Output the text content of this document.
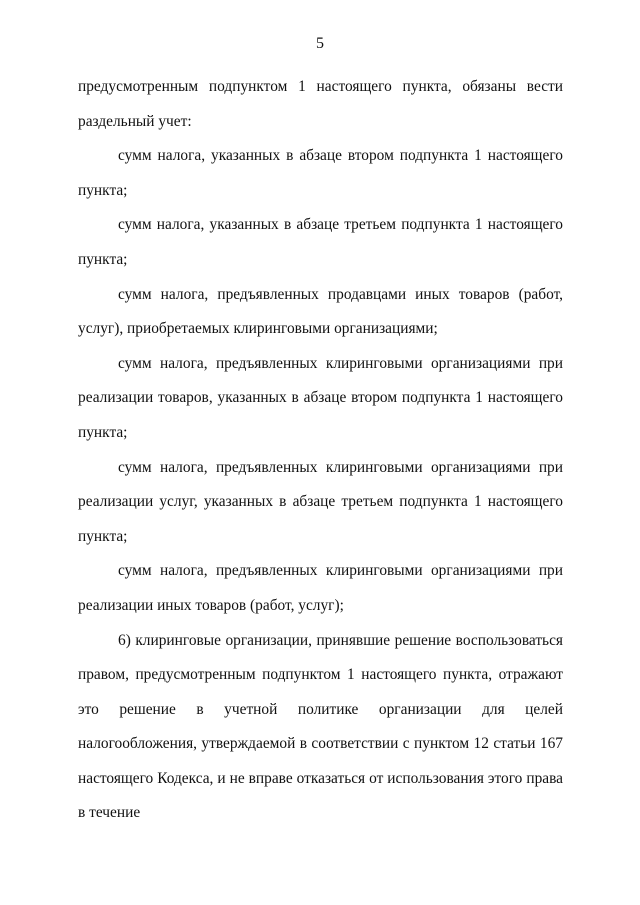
5

предусмотренным подпунктом 1 настоящего пункта, обязаны вести раздельный учет:

сумм налога, указанных в абзаце втором подпункта 1 настоящего пункта;

сумм налога, указанных в абзаце третьем подпункта 1 настоящего пункта;

сумм налога, предъявленных продавцами иных товаров (работ, услуг), приобретаемых клиринговыми организациями;

сумм налога, предъявленных клиринговыми организациями при реализации товаров, указанных в абзаце втором подпункта 1 настоящего пункта;

сумм налога, предъявленных клиринговыми организациями при реализации услуг, указанных в абзаце третьем подпункта 1 настоящего пункта;

сумм налога, предъявленных клиринговыми организациями при реализации иных товаров (работ, услуг);

6) клиринговые организации, принявшие решение воспользоваться правом, предусмотренным подпунктом 1 настоящего пункта, отражают это решение в учетной политике организации для целей налогообложения, утверждаемой в соответствии с пунктом 12 статьи 167 настоящего Кодекса, и не вправе отказаться от использования этого права в течение
